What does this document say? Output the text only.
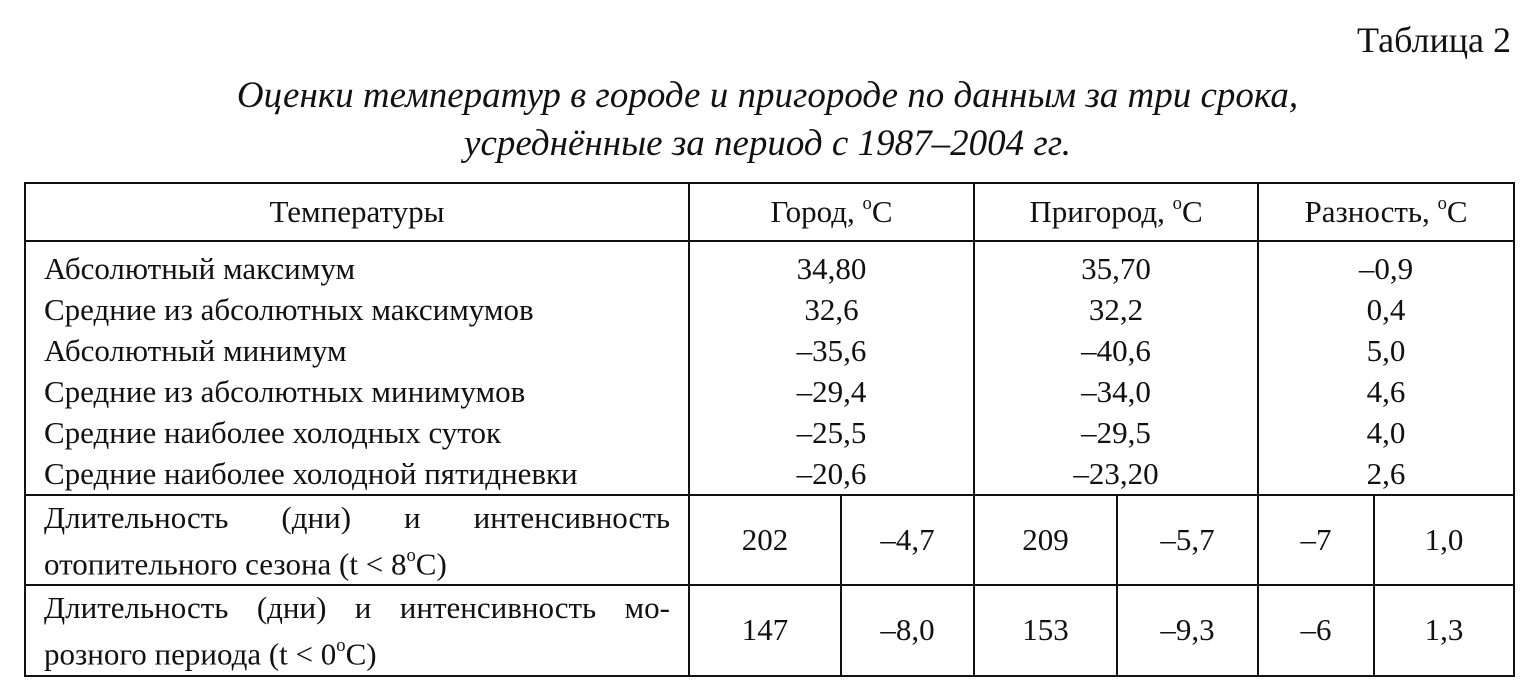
Таблица 2
Оценки температур в городе и пригороде по данным за три срока,
усреднённые за период с 1987–2004 гг.
Температуры	Город, $^o$C		Пригород, $^o$C		Разность, $^o$C	
Абсолютный максимум	34,80		35,70		–0,9	
Средние из абсолютных максимумов	32,6		32,2		0,4	
Абсолютный минимум	–35,6		–40,6		5,0	
Средние из абсолютных минимумов	–29,4		–34,0		4,6	
Средние наиболее холодных суток	–25,5		–29,5		4,0	
Средние наиболее холодной пятидневки	–20,6		–23,20		2,6	
Длительность (дни) и интенсивность отопительного сезона $(t < 8^oC)$	202	–4,7	209	–5,7	–7	1,0
Длительность (дни) и интенсивность мо-розного периода $(t < 0^oC)$	147	–8,0	153	–9,3	–6	1,3
